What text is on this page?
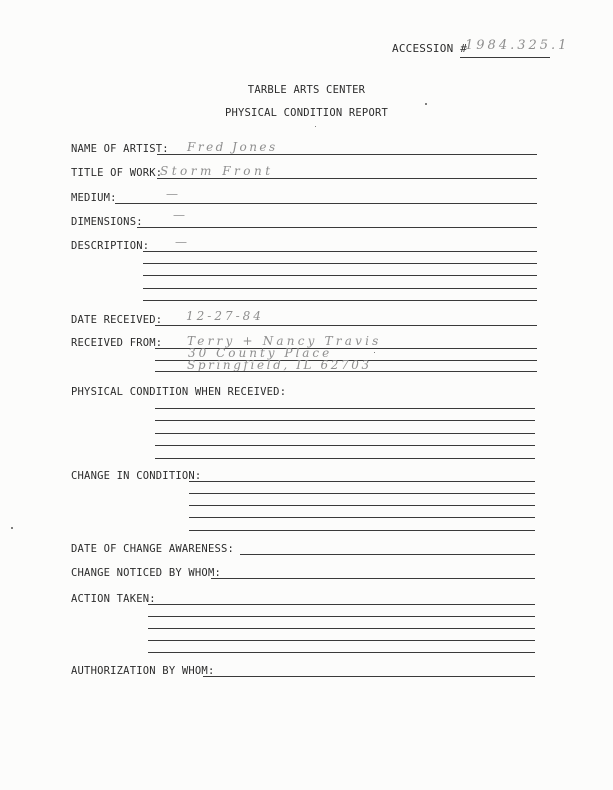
ACCESSION #
1984.325.1
TARBLE ARTS CENTER
PHYSICAL CONDITION REPORT
NAME OF ARTIST: Fred Jones
TITLE OF WORK:
Storm Front
MEDIUM:	—
DIMENSIONS:	—
DESCRIPTION: —
DATE RECEIVED: 12-27-84
RECEIVED FROM: Terry + Nancy Travis
30 County Place
Springfield, IL 62703
PHYSICAL CONDITION WHEN RECEIVED:
CHANGE IN CONDITION:
DATE OF CHANGE AWARENESS:
CHANGE NOTICED BY WHOM:
ACTION TAKEN:
AUTHORIZATION BY WHOM:
